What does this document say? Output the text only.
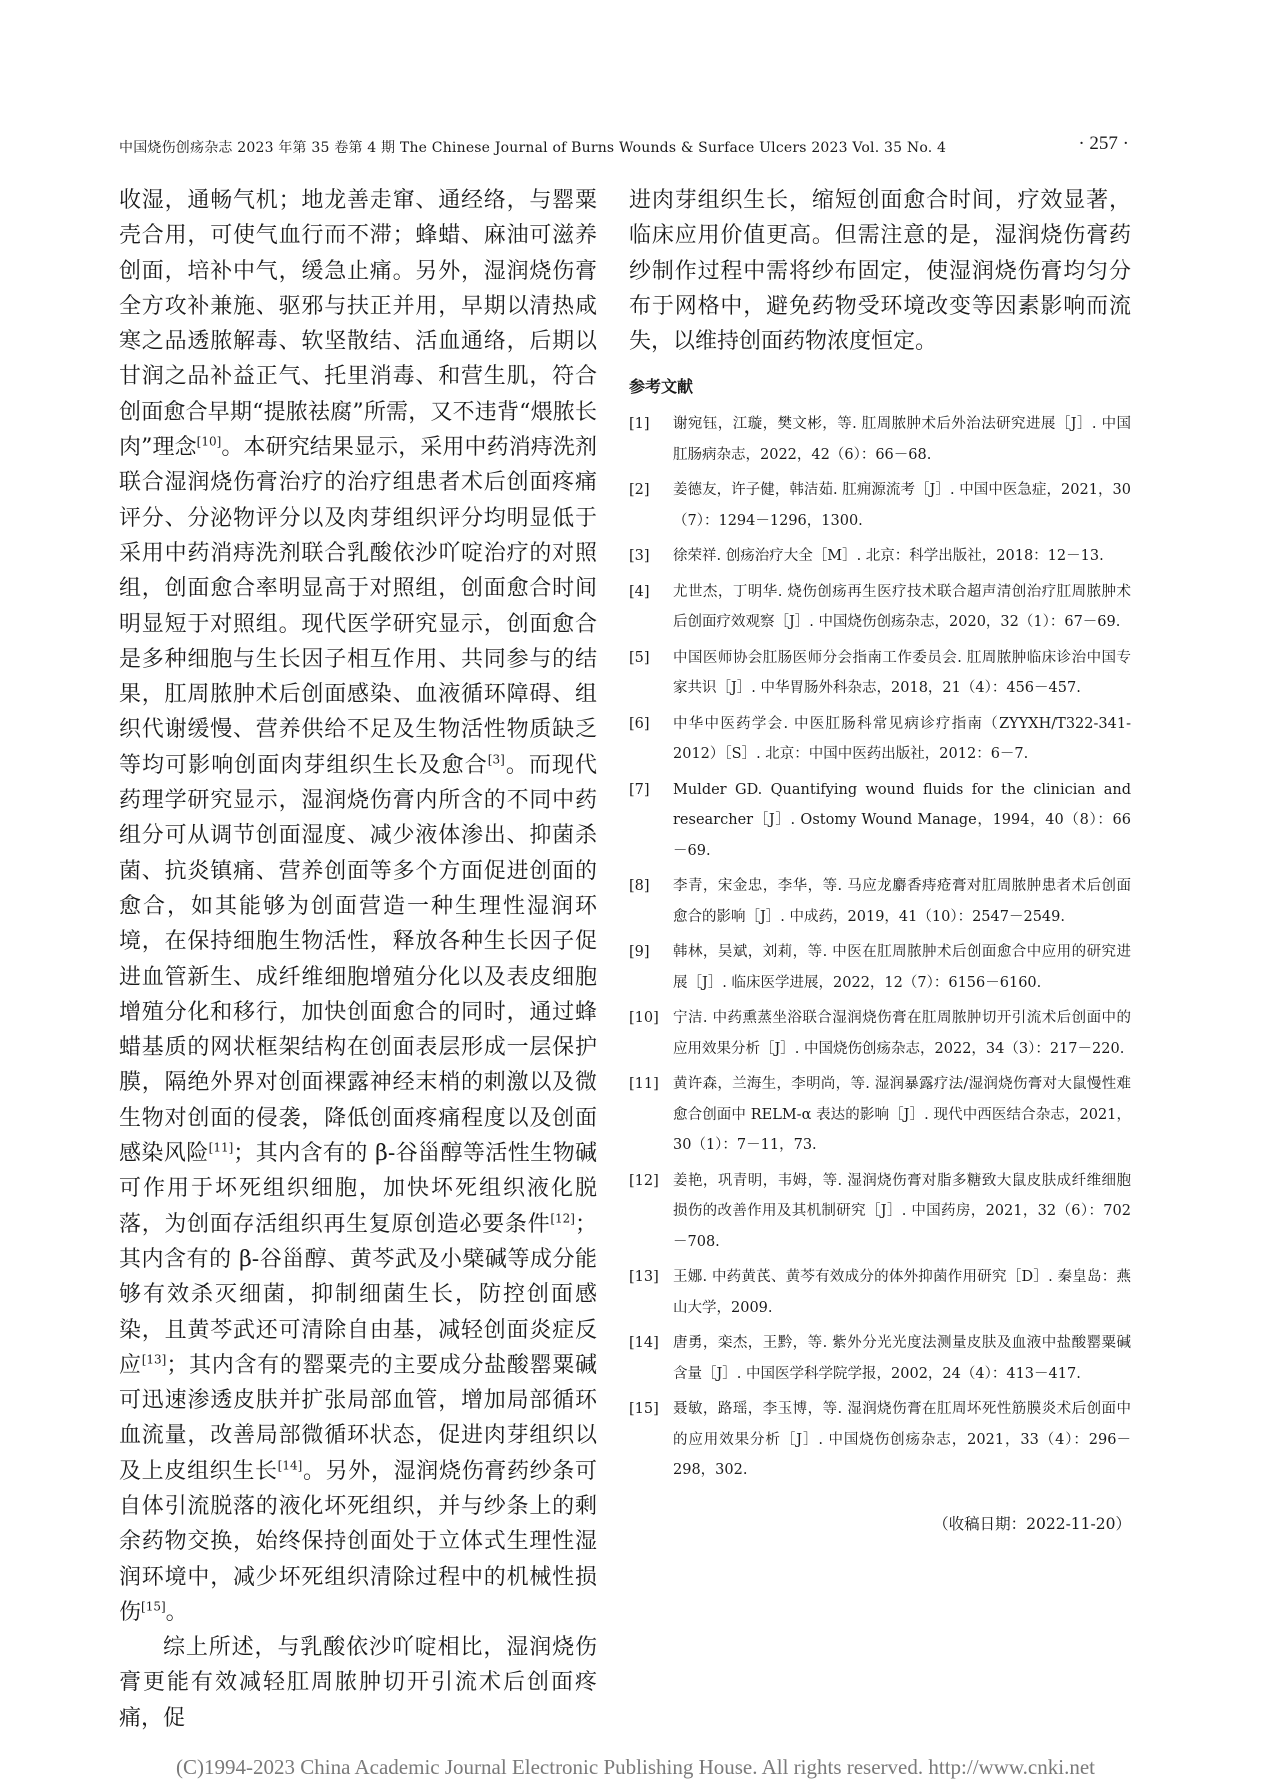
中国烧伤创疡杂志 2023 年第 35 卷第 4 期 The Chinese Journal of Burns Wounds & Surface Ulcers 2023 Vol. 35 No. 4	· 257 ·

收湿，通畅气机；地龙善走窜、通经络，与罂粟壳合用，可使气血行而不滞；蜂蜡、麻油可滋养创面，培补中气，缓急止痛。另外，湿润烧伤膏全方攻补兼施、驱邪与扶正并用，早期以清热咸寒之品透脓解毒、软坚散结、活血通络，后期以甘润之品补益正气、托里消毒、和营生肌，符合创面愈合早期“提脓祛腐”所需，又不违背“煨脓长肉”理念[10]。本研究结果显示，采用中药消痔洗剂联合湿润烧伤膏治疗的治疗组患者术后创面疼痛评分、分泌物评分以及肉芽组织评分均明显低于采用中药消痔洗剂联合乳酸依沙吖啶治疗的对照组，创面愈合率明显高于对照组，创面愈合时间明显短于对照组。现代医学研究显示，创面愈合是多种细胞与生长因子相互作用、共同参与的结果，肛周脓肿术后创面感染、血液循环障碍、组织代谢缓慢、营养供给不足及生物活性物质缺乏等均可影响创面肉芽组织生长及愈合[3]。而现代药理学研究显示，湿润烧伤膏内所含的不同中药组分可从调节创面湿度、减少液体渗出、抑菌杀菌、抗炎镇痛、营养创面等多个方面促进创面的愈合，如其能够为创面营造一种生理性湿润环境，在保持细胞生物活性，释放各种生长因子促进血管新生、成纤维细胞增殖分化以及表皮细胞增殖分化和移行，加快创面愈合的同时，通过蜂蜡基质的网状框架结构在创面表层形成一层保护膜，隔绝外界对创面裸露神经末梢的刺激以及微生物对创面的侵袭，降低创面疼痛程度以及创面感染风险[11]；其内含有的 β-谷甾醇等活性生物碱可作用于坏死组织细胞，加快坏死组织液化脱落，为创面存活组织再生复原创造必要条件[12]；其内含有的 β-谷甾醇、黄芩武及小檗碱等成分能够有效杀灭细菌，抑制细菌生长，防控创面感染，且黄芩武还可清除自由基，减轻创面炎症反应[13]；其内含有的罂粟壳的主要成分盐酸罂粟碱可迅速渗透皮肤并扩张局部血管，增加局部循环血流量，改善局部微循环状态，促进肉芽组织以及上皮组织生长[14]。另外，湿润烧伤膏药纱条可自体引流脱落的液化坏死组织，并与纱条上的剩余药物交换，始终保持创面处于立体式生理性湿润环境中，减少坏死组织清除过程中的机械性损伤[15]。

综上所述，与乳酸依沙吖啶相比，湿润烧伤膏更能有效减轻肛周脓肿切开引流术后创面疼痛，促

进肉芽组织生长，缩短创面愈合时间，疗效显著，临床应用价值更高。但需注意的是，湿润烧伤膏药纱制作过程中需将纱布固定，使湿润烧伤膏均匀分布于网格中，避免药物受环境改变等因素影响而流失，以维持创面药物浓度恒定。

参考文献
[1]	谢宛钰，江璇，樊文彬，等. 肛周脓肿术后外治法研究进展［J］. 中国肛肠病杂志，2022，42（6）：66－68.
[2]	姜德友，许子健，韩洁茹. 肛痈源流考［J］. 中国中医急症，2021，30（7）：1294－1296，1300.
[3]	徐荣祥. 创疡治疗大全［M］. 北京：科学出版社，2018：12－13.
[4]	尤世杰，丁明华. 烧伤创疡再生医疗技术联合超声清创治疗肛周脓肿术后创面疗效观察［J］. 中国烧伤创疡杂志，2020，32（1）：67－69.
[5]	中国医师协会肛肠医师分会指南工作委员会. 肛周脓肿临床诊治中国专家共识［J］. 中华胃肠外科杂志，2018，21（4）：456－457.
[6]	中华中医药学会. 中医肛肠科常见病诊疗指南（ZYYXH/T322-341-2012）［S］. 北京：中国中医药出版社，2012：6－7.
[7]	Mulder GD. Quantifying wound fluids for the clinician and researcher［J］. Ostomy Wound Manage，1994，40（8）：66－69.
[8]	李青，宋金忠，李华，等. 马应龙麝香痔疮膏对肛周脓肿患者术后创面愈合的影响［J］. 中成药，2019，41（10）：2547－2549.
[9]	韩林，吴斌，刘莉，等. 中医在肛周脓肿术后创面愈合中应用的研究进展［J］. 临床医学进展，2022，12（7）：6156－6160.
[10] 宁洁. 中药熏蒸坐浴联合湿润烧伤膏在肛周脓肿切开引流术后创面中的应用效果分析［J］. 中国烧伤创疡杂志，2022，34（3）：217－220.
[11] 黄许森，兰海生，李明尚，等. 湿润暴露疗法/湿润烧伤膏对大鼠慢性难愈合创面中 RELM-α 表达的影响［J］. 现代中西医结合杂志，2021，30（1）：7－11，73.
[12] 姜艳，巩青明，韦姆，等. 湿润烧伤膏对脂多糖致大鼠皮肤成纤维细胞损伤的改善作用及其机制研究［J］. 中国药房，2021，32（6）：702－708.
[13] 王娜. 中药黄芪、黄芩有效成分的体外抑菌作用研究［D］. 秦皇岛：燕山大学，2009.
[14] 唐勇，栾杰，王黔，等. 紫外分光光度法测量皮肤及血液中盐酸罂粟碱含量［J］. 中国医学科学院学报，2002，24（4）：413－417.
[15] 聂敏，路瑶，李玉博，等. 湿润烧伤膏在肛周坏死性筋膜炎术后创面中的应用效果分析［J］. 中国烧伤创疡杂志，2021，33（4）：296－298，302.
（收稿日期：2022-11-20）
(C)1994-2023 China Academic Journal Electronic Publishing House. All rights reserved. http://www.cnki.net
